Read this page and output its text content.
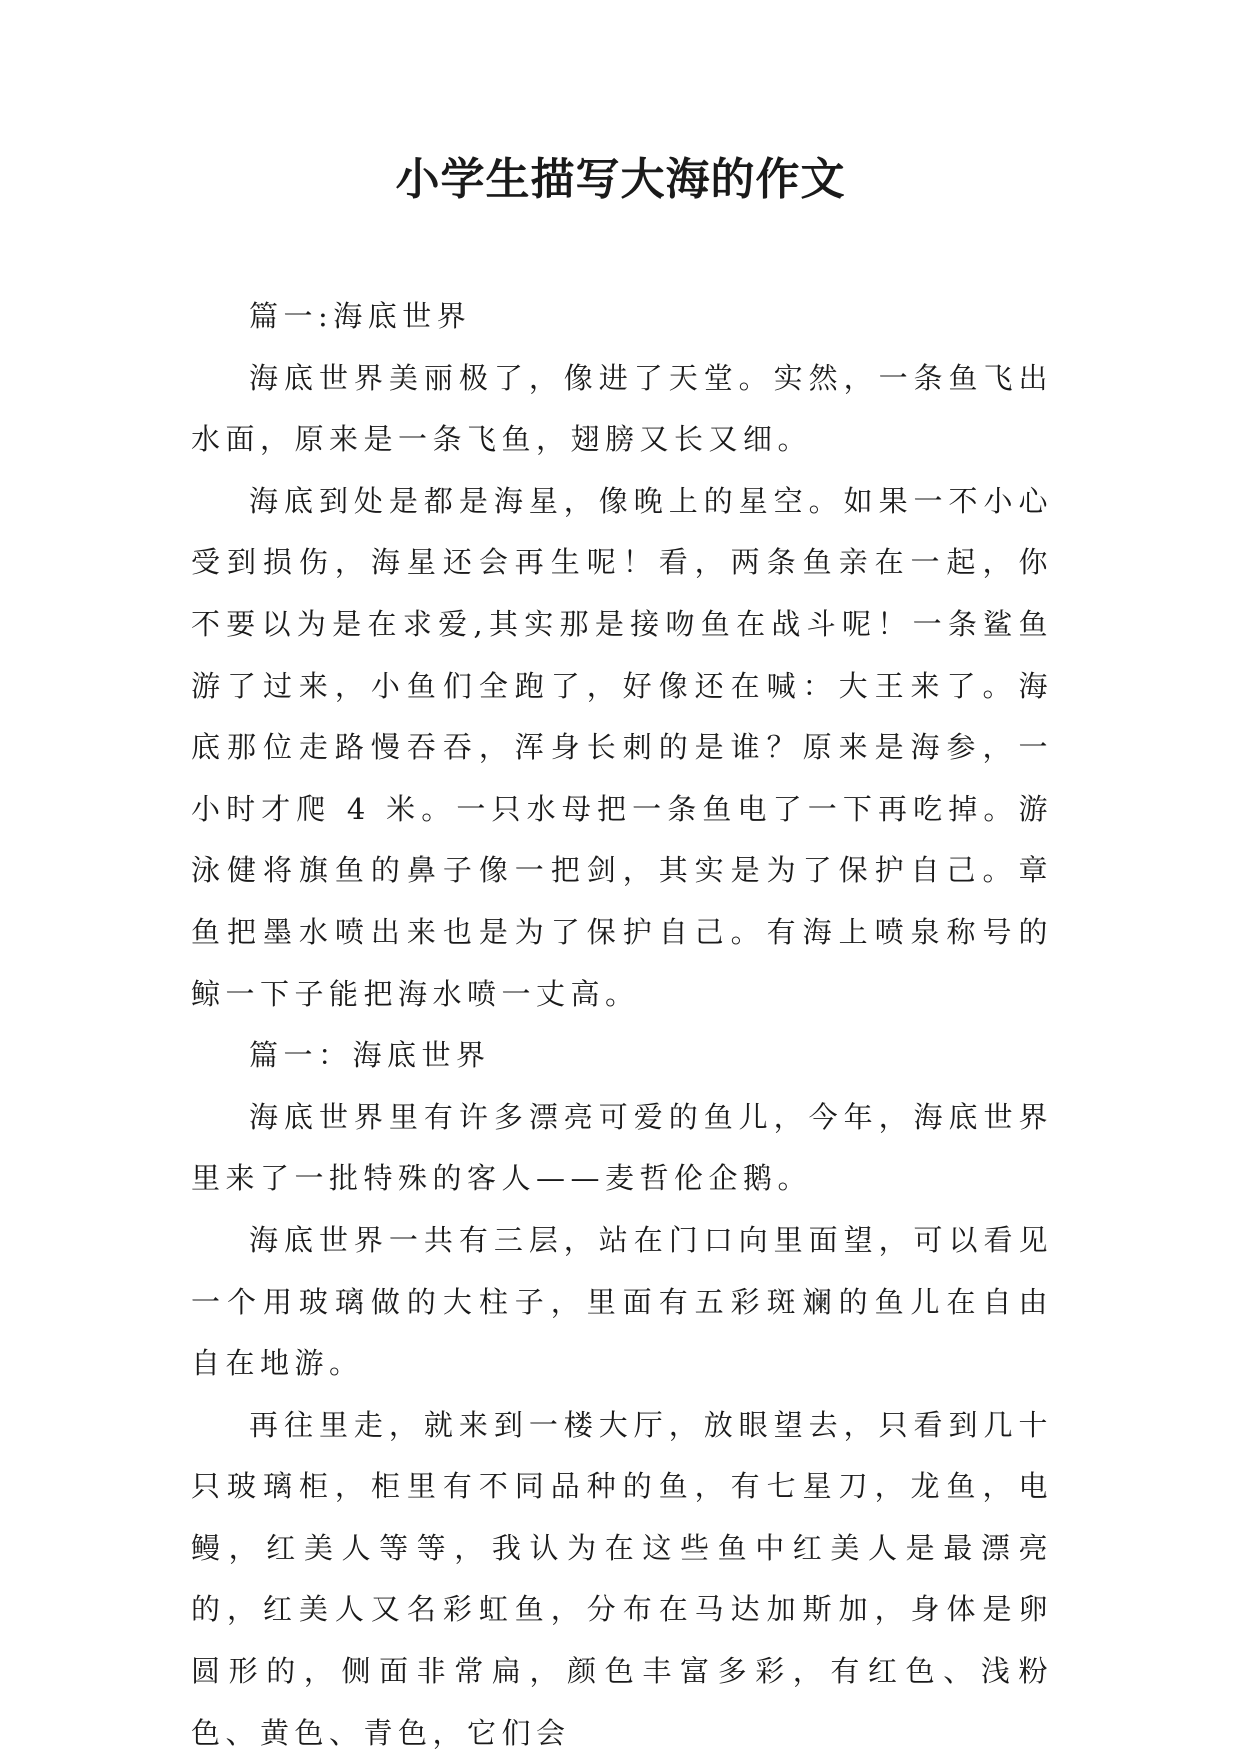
小学生描写大海的作文

篇一:海底世界

海底世界美丽极了，像进了天堂。实然，一条鱼飞出水面，原来是一条飞鱼，翅膀又长又细。

海底到处是都是海星，像晚上的星空。如果一不小心受到损伤，海星还会再生呢！看，两条鱼亲在一起，你不要以为是在求爱,其实那是接吻鱼在战斗呢！一条鲨鱼游了过来，小鱼们全跑了，好像还在喊：大王来了。海底那位走路慢吞吞，浑身长刺的是谁？原来是海参，一小时才爬 4 米。一只水母把一条鱼电了一下再吃掉。游泳健将旗鱼的鼻子像一把剑，其实是为了保护自己。章鱼把墨水喷出来也是为了保护自己。有海上喷泉称号的鲸一下子能把海水喷一丈高。

篇一：海底世界

海底世界里有许多漂亮可爱的鱼儿，今年，海底世界里来了一批特殊的客人——麦哲伦企鹅。

海底世界一共有三层，站在门口向里面望，可以看见一个用玻璃做的大柱子，里面有五彩斑斓的鱼儿在自由自在地游。

再往里走，就来到一楼大厅，放眼望去，只看到几十只玻璃柜，柜里有不同品种的鱼，有七星刀，龙鱼，电鳗，红美人等等，我认为在这些鱼中红美人是最漂亮的，红美人又名彩虹鱼，分布在马达加斯加，身体是卵圆形的，侧面非常扁，颜色丰富多彩，有红色、浅粉色、黄色、青色，它们会
